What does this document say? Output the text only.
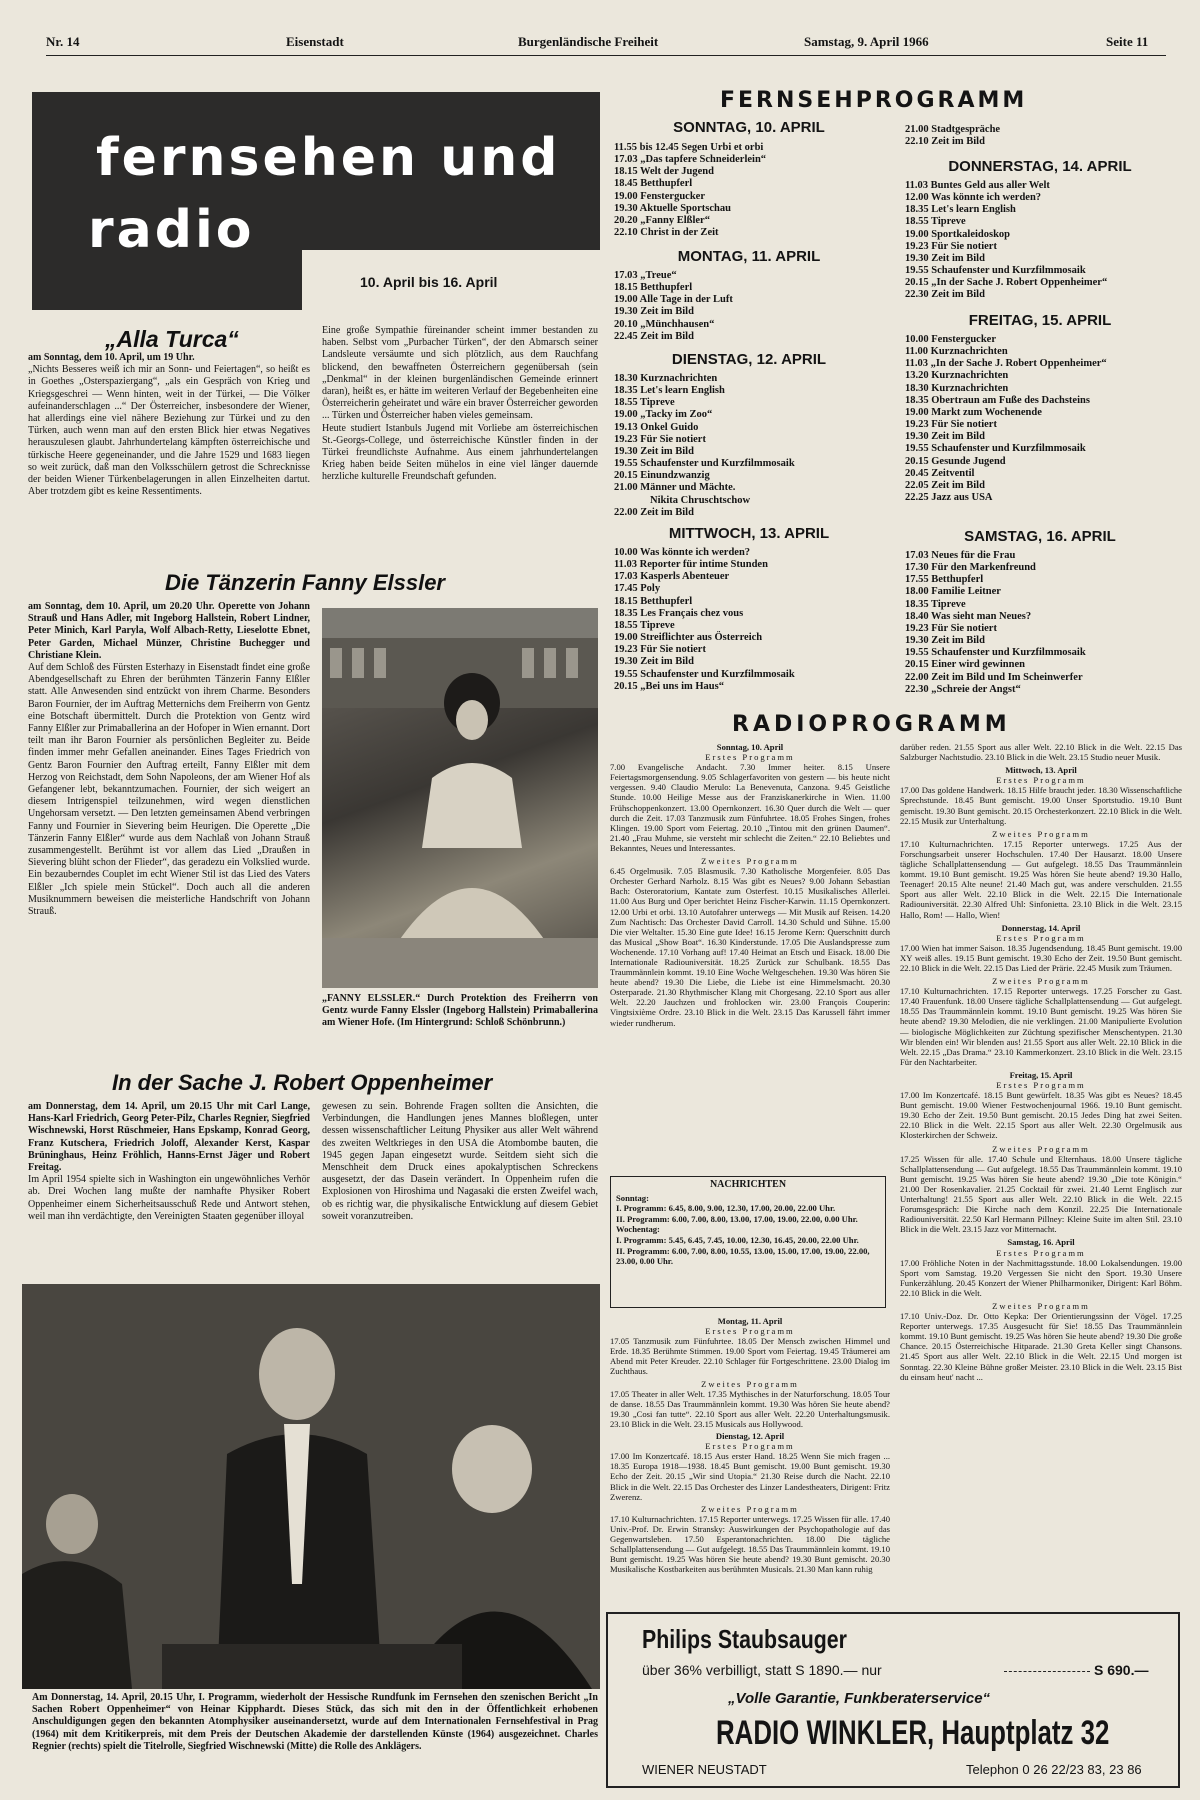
Nr. 14	Eisenstadt	Burgenländische Freiheit	Samstag, 9. April 1966	Seite 11
fernsehen und
radio
10. April bis 16. April
„Alla Turca“

am Sonntag, dem 10. April, um 19 Uhr.

„Nichts Besseres weiß ich mir an Sonn- und Feiertagen“, so heißt es in Goethes „Osterspaziergang“, „als ein Gespräch von Krieg und Kriegsgeschrei — Wenn hinten, weit in der Türkei, — Die Völker aufeinanderschlagen ...“ Der Österreicher, insbesondere der Wiener, hat allerdings eine viel nähere Beziehung zur Türkei und zu den Türken, auch wenn man auf den ersten Blick hier etwas Negatives herauszulesen glaubt. Jahrhundertelang kämpften österreichische und türkische Heere gegeneinander, und die Jahre 1529 und 1683 liegen so weit zurück, daß man den Volksschülern getrost die Schrecknisse der beiden Wiener Türkenbelagerungen in allen Einzelheiten dartut. Aber trotzdem gibt es keine Ressentiments.

Eine große Sympathie füreinander scheint immer bestanden zu haben. Selbst vom „Purbacher Türken“, der den Abmarsch seiner Landsleute versäumte und sich plötzlich, aus dem Rauchfang blickend, den bewaffneten Österreichern gegenübersah (sein „Denkmal“ in der kleinen burgenländischen Gemeinde erinnert daran), heißt es, er hätte im weiteren Verlauf der Begebenheiten eine Österreicherin geheiratet und wäre ein braver Österreicher geworden ... Türken und Österreicher haben vieles gemeinsam.

Heute studiert Istanbuls Jugend mit Vorliebe am österreichischen St.-Georgs-College, und österreichische Künstler finden in der Türkei freundlichste Aufnahme. Aus einem jahrhundertelangen Krieg haben beide Seiten mühelos in eine viel länger dauernde herzliche kulturelle Freundschaft gefunden.

Die Tänzerin Fanny Elssler

am Sonntag, dem 10. April, um 20.20 Uhr. Operette von Johann Strauß und Hans Adler, mit Ingeborg Hallstein, Robert Lindner, Peter Minich, Karl Paryla, Wolf Albach-Retty, Lieselotte Ebnet, Peter Garden, Michael Münzer, Christine Buchegger und Christiane Klein.

Auf dem Schloß des Fürsten Esterhazy in Eisenstadt findet eine große Abendgesellschaft zu Ehren der berühmten Tänzerin Fanny Elßler statt. Alle Anwesenden sind entzückt von ihrem Charme. Besonders Baron Fournier, der im Auftrag Metternichs dem Freiherrn von Gentz eine Botschaft übermittelt. Durch die Protektion von Gentz wird Fanny Elßler zur Primaballerina an der Hofoper in Wien ernannt. Dort teilt man ihr Baron Fournier als persönlichen Begleiter zu. Beide finden immer mehr Gefallen aneinander. Eines Tages Friedrich von Gentz Baron Fournier den Auftrag erteilt, Fanny Elßler mit dem Herzog von Reichstadt, dem Sohn Napoleons, der am Wiener Hof als Gefangener lebt, bekanntzumachen. Fournier, der sich weigert an diesem Intrigenspiel teilzunehmen, wird wegen dienstlichen Ungehorsam versetzt. — Den letzten gemeinsamen Abend verbringen Fanny und Fournier in Sievering beim Heurigen. Die Operette „Die Tänzerin Fanny Elßler“ wurde aus dem Nachlaß von Johann Strauß zusammengestellt. Berühmt ist vor allem das Lied „Draußen in Sievering blüht schon der Flieder“, das geradezu ein Volkslied wurde. Ein bezauberndes Couplet im echt Wiener Stil ist das Lied des Vaters Elßler „Ich spiele mein Stückel“. Doch auch all die anderen Musiknummern beweisen die meisterliche Handschrift von Johann Strauß.

„FANNY ELSSLER.“ Durch Protektion des Freiherrn von Gentz wurde Fanny Elssler (Ingeborg Hallstein) Primaballerina am Wiener Hofe. (Im Hintergrund: Schloß Schönbrunn.)
In der Sache J. Robert Oppenheimer

am Donnerstag, dem 14. April, um 20.15 Uhr mit Carl Lange, Hans-Karl Friedrich, Georg Peter-Pilz, Charles Regnier, Siegfried Wischnewski, Horst Rüschmeier, Hans Epskamp, Konrad Georg, Franz Kutschera, Friedrich Joloff, Alexander Kerst, Kaspar Brüninghaus, Heinz Fröhlich, Hanns-Ernst Jäger und Robert Freitag.

Im April 1954 spielte sich in Washington ein ungewöhnliches Verhör ab. Drei Wochen lang mußte der namhafte Physiker Robert Oppenheimer einem Sicherheitsausschuß Rede und Antwort stehen, weil man ihn verdächtigte, den Vereinigten Staaten gegenüber illoyal

gewesen zu sein. Bohrende Fragen sollten die Ansichten, die Verbindungen, die Handlungen jenes Mannes bloßlegen, unter dessen wissenschaftlicher Leitung Physiker aus aller Welt während des zweiten Weltkrieges in den USA die Atombombe bauten, die 1945 gegen Japan eingesetzt wurde. Seitdem sieht sich die Menschheit dem Druck eines apokalyptischen Schreckens ausgesetzt, der das Dasein verändert. In Oppenheim rufen die Explosionen von Hiroshima und Nagasaki die ersten Zweifel wach, ob es richtig war, die physikalische Entwicklung auf diesem Gebiet soweit voranzutreiben.

Am Donnerstag, 14. April, 20.15 Uhr, I. Programm, wiederholt der Hessische Rundfunk im Fernsehen den szenischen Bericht „In Sachen Robert Oppenheimer“ von Heinar Kipphardt. Dieses Stück, das sich mit den in der Öffentlichkeit erhobenen Anschuldigungen gegen den bekannten Atomphysiker auseinandersetzt, wurde auf dem Internationalen Fernsehfestival in Prag (1964) mit dem Kritikerpreis, mit dem Preis der Deutschen Akademie der darstellenden Künste (1964) ausgezeichnet. Charles Regnier (rechts) spielt die Titelrolle, Siegfried Wischnewski (Mitte) die Rolle des Anklägers.
FERNSEHPROGRAMM
SONNTAG, 10. APRIL
11.55 bis 12.45 Segen Urbi et orbi
17.03 „Das tapfere Schneiderlein“
18.15 Welt der Jugend
18.45 Betthupferl
19.00 Fenstergucker
19.30 Aktuelle Sportschau
20.20 „Fanny Elßler“
22.10 Christ in der Zeit
MONTAG, 11. APRIL
17.03 „Treue“
18.15 Betthupferl
19.00 Alle Tage in der Luft
19.30 Zeit im Bild
20.10 „Münchhausen“
22.45 Zeit im Bild
DIENSTAG, 12. APRIL
18.30 Kurznachrichten
18.35 Let's learn English
18.55 Tipreve
19.00 „Tacky im Zoo“
19.13 Onkel Guido
19.23 Für Sie notiert
19.30 Zeit im Bild
19.55 Schaufenster und Kurzfilmmosaik
20.15 Einundzwanzig
21.00 Männer und Mächte.
Nikita Chruschtschow
22.00 Zeit im Bild
MITTWOCH, 13. APRIL
10.00 Was könnte ich werden?
11.03 Reporter für intime Stunden
17.03 Kasperls Abenteuer
17.45 Poly
18.15 Betthupferl
18.35 Les Français chez vous
18.55 Tipreve
19.00 Streiflichter aus Österreich
19.23 Für Sie notiert
19.30 Zeit im Bild
19.55 Schaufenster und Kurzfilmmosaik
20.15 „Bei uns im Haus“
21.00 Stadtgespräche
22.10 Zeit im Bild
DONNERSTAG, 14. APRIL
11.03 Buntes Geld aus aller Welt
12.00 Was könnte ich werden?
18.35 Let's learn English
18.55 Tipreve
19.00 Sportkaleidoskop
19.23 Für Sie notiert
19.30 Zeit im Bild
19.55 Schaufenster und Kurzfilmmosaik
20.15 „In der Sache J. Robert Oppenheimer“
22.30 Zeit im Bild
FREITAG, 15. APRIL
10.00 Fenstergucker
11.00 Kurznachrichten
11.03 „In der Sache J. Robert Oppenheimer“
13.20 Kurznachrichten
18.30 Kurznachrichten
18.35 Obertraun am Fuße des Dachsteins
19.00 Markt zum Wochenende
19.23 Für Sie notiert
19.30 Zeit im Bild
19.55 Schaufenster und Kurzfilmmosaik
20.15 Gesunde Jugend
20.45 Zeitventil
22.05 Zeit im Bild
22.25 Jazz aus USA
SAMSTAG, 16. APRIL
17.03 Neues für die Frau
17.30 Für den Markenfreund
17.55 Betthupferl
18.00 Familie Leitner
18.35 Tipreve
18.40 Was sieht man Neues?
19.23 Für Sie notiert
19.30 Zeit im Bild
19.55 Schaufenster und Kurzfilmmosaik
20.15 Einer wird gewinnen
22.00 Zeit im Bild und Im Scheinwerfer
22.30 „Schreie der Angst“
RADIOPROGRAMM

Sonntag, 10. April

Erstes Programm

7.00 Evangelische Andacht. 7.30 Immer heiter. 8.15 Unsere Feiertagsmorgensendung. 9.05 Schlagerfavoriten von gestern — bis heute nicht vergessen. 9.40 Claudio Merulo: La Benevenuta, Canzona. 9.45 Geistliche Stunde. 10.00 Heilige Messe aus der Franziskanerkirche in Wien. 11.00 Frühschoppenkonzert. 13.00 Opernkonzert. 16.30 Quer durch die Welt — quer durch die Zeit. 17.03 Tanzmusik zum Fünfuhrtee. 18.05 Frohes Singen, frohes Klingen. 19.00 Sport vom Feiertag. 20.10 „Tintou mit den grünen Daumen“. 21.40 „Frau Muhme, sie versteht mir schlecht die Zeiten.“ 22.10 Beliebtes und Bekanntes, Neues und Interessantes.

Zweites Programm

6.45 Orgelmusik. 7.05 Blasmusik. 7.30 Katholische Morgenfeier. 8.05 Das Orchester Gerhard Narholz. 8.15 Was gibt es Neues? 9.00 Johann Sebastian Bach: Osteroratorium, Kantate zum Osterfest. 10.15 Musikalisches Allerlei. 11.00 Aus Burg und Oper berichtet Heinz Fischer-Karwin. 11.15 Opernkonzert. 12.00 Urbi et orbi. 13.10 Autofahrer unterwegs — Mit Musik auf Reisen. 14.20 Zum Nachtisch: Das Orchester David Carroll. 14.30 Schuld und Sühne. 15.00 Die vier Weltalter. 15.30 Eine gute Idee! 16.15 Jerome Kern: Querschnitt durch das Musical „Show Boat“. 16.30 Kinderstunde. 17.05 Die Auslandspresse zum Wochenende. 17.10 Vorhang auf! 17.40 Heimat an Etsch und Eisack. 18.00 Die Internationale Radiouniversität. 18.25 Zurück zur Schulbank. 18.55 Das Traummännlein kommt. 19.10 Eine Woche Weltgeschehen. 19.30 Was hören Sie heute abend? 19.30 Die Liebe, die Liebe ist eine Himmelsmacht. 20.30 Osterparade. 21.30 Rhythmischer Klang mit Chorgesang. 22.10 Sport aus aller Welt. 22.20 Jauchzen und frohlocken wir. 23.00 François Couperin: Vingtsixième Ordre. 23.10 Blick in die Welt. 23.15 Das Karussell fährt immer wieder rundherum.

NACHRICHTEN
Sonntag:
I. Programm: 6.45, 8.00, 9.00, 12.30, 17.00, 20.00, 22.00 Uhr.
II. Programm: 6.00, 7.00, 8.00, 13.00, 17.00, 19.00, 22.00, 0.00 Uhr.
Wochentag:
I. Programm: 5.45, 6.45, 7.45, 10.00, 12.30, 16.45, 20.00, 22.00 Uhr.
II. Programm: 6.00, 7.00, 8.00, 10.55, 13.00, 15.00, 17.00, 19.00, 22.00, 23.00, 0.00 Uhr.

Montag, 11. April

Erstes Programm

17.05 Tanzmusik zum Fünfuhrtee. 18.05 Der Mensch zwischen Himmel und Erde. 18.35 Berühmte Stimmen. 19.00 Sport vom Feiertag. 19.45 Träumerei am Abend mit Peter Kreuder. 22.10 Schlager für Fortgeschrittene. 23.00 Dialog im Zuchthaus.

Zweites Programm

17.05 Theater in aller Welt. 17.35 Mythisches in der Naturforschung. 18.05 Tour de danse. 18.55 Das Traummännlein kommt. 19.30 Was hören Sie heute abend? 19.30 „Cosi fan tutte“. 22.10 Sport aus aller Welt. 22.20 Unterhaltungsmusik. 23.10 Blick in die Welt. 23.15 Musicals aus Hollywood.

Dienstag, 12. April

Erstes Programm

17.00 Im Konzertcafé. 18.15 Aus erster Hand. 18.25 Wenn Sie mich fragen ... 18.35 Europa 1918—1938. 18.45 Bunt gemischt. 19.00 Bunt gemischt. 19.30 Echo der Zeit. 20.15 „Wir sind Utopia.“ 21.30 Reise durch die Nacht. 22.10 Blick in die Welt. 22.15 Das Orchester des Linzer Landestheaters, Dirigent: Fritz Zwerenz.

Zweites Programm

17.10 Kulturnachrichten. 17.15 Reporter unterwegs. 17.25 Wissen für alle. 17.40 Univ.-Prof. Dr. Erwin Stransky: Auswirkungen der Psychopathologie auf das Gegenwartsleben. 17.50 Esperantonachrichten. 18.00 Die tägliche Schallplattensendung — Gut aufgelegt. 18.55 Das Traummännlein kommt. 19.10 Bunt gemischt. 19.25 Was hören Sie heute abend? 19.30 Bunt gemischt. 20.30 Musikalische Kostbarkeiten aus berühmten Musicals. 21.30 Man kann ruhig

darüber reden. 21.55 Sport aus aller Welt. 22.10 Blick in die Welt. 22.15 Das Salzburger Nachtstudio. 23.10 Blick in die Welt. 23.15 Studio neuer Musik.

Mittwoch, 13. April

Erstes Programm

17.00 Das goldene Handwerk. 18.15 Hilfe braucht jeder. 18.30 Wissenschaftliche Sprechstunde. 18.45 Bunt gemischt. 19.00 Unser Sportstudio. 19.10 Bunt gemischt. 19.30 Bunt gemischt. 20.15 Orchesterkonzert. 22.10 Blick in die Welt. 22.15 Musik zur Unterhaltung.

Zweites Programm

17.10 Kulturnachrichten. 17.15 Reporter unterwegs. 17.25 Aus der Forschungsarbeit unserer Hochschulen. 17.40 Der Hausarzt. 18.00 Unsere tägliche Schallplattensendung — Gut aufgelegt. 18.55 Das Traummännlein kommt. 19.10 Bunt gemischt. 19.25 Was hören Sie heute abend? 19.30 Hallo, Teenager! 20.15 Alte neune! 21.40 Mach gut, was andere verschulden. 21.55 Sport aus aller Welt. 22.10 Blick in die Welt. 22.15 Die Internationale Radiouniversität. 22.30 Alfred Uhl: Sinfonietta. 23.10 Blick in die Welt. 23.15 Hallo, Rom! — Hallo, Wien!

Donnerstag, 14. April

Erstes Programm

17.00 Wien hat immer Saison. 18.35 Jugendsendung. 18.45 Bunt gemischt. 19.00 XY weiß alles. 19.15 Bunt gemischt. 19.30 Echo der Zeit. 19.50 Bunt gemischt. 22.10 Blick in die Welt. 22.15 Das Lied der Prärie. 22.45 Musik zum Träumen.

Zweites Programm

17.10 Kulturnachrichten. 17.15 Reporter unterwegs. 17.25 Forscher zu Gast. 17.40 Frauenfunk. 18.00 Unsere tägliche Schallplattensendung — Gut aufgelegt. 18.55 Das Traummännlein kommt. 19.10 Bunt gemischt. 19.25 Was hören Sie heute abend? 19.30 Melodien, die nie verklingen. 21.00 Manipulierte Evolution — biologische Möglichkeiten zur Züchtung spezifischer Menschentypen. 21.30 Wir blenden ein! Wir blenden aus! 21.55 Sport aus aller Welt. 22.10 Blick in die Welt. 22.15 „Das Drama.“ 23.10 Kammerkonzert. 23.10 Blick in die Welt. 23.15 Für den Nachtarbeiter.

Freitag, 15. April

Erstes Programm

17.00 Im Konzertcafé. 18.15 Bunt gewürfelt. 18.35 Was gibt es Neues? 18.45 Bunt gemischt. 19.00 Wiener Festwochenjournal 1966. 19.10 Bunt gemischt. 19.30 Echo der Zeit. 19.50 Bunt gemischt. 20.15 Jedes Ding hat zwei Seiten. 22.10 Blick in die Welt. 22.15 Sport aus aller Welt. 22.30 Orgelmusik aus Klosterkirchen der Schweiz.

Zweites Programm

17.25 Wissen für alle. 17.40 Schule und Elternhaus. 18.00 Unsere tägliche Schallplattensendung — Gut aufgelegt. 18.55 Das Traummännlein kommt. 19.10 Bunt gemischt. 19.25 Was hören Sie heute abend? 19.30 „Die tote Königin.“ 21.00 Der Rosenkavalier. 21.25 Cocktail für zwei. 21.40 Lernt Englisch zur Unterhaltung! 21.55 Sport aus aller Welt. 22.10 Blick in die Welt. 22.15 Forumsgespräch: Die Kirche nach dem Konzil. 22.25 Die Internationale Radiouniversität. 22.50 Karl Hermann Pillney: Kleine Suite im alten Stil. 23.10 Blick in die Welt. 23.15 Jazz vor Mitternacht.

Samstag, 16. April

Erstes Programm

17.00 Fröhliche Noten in der Nachmittagsstunde. 18.00 Lokalsendungen. 19.00 Sport vom Samstag. 19.20 Vergessen Sie nicht den Sport. 19.30 Unsere Funkerzählung. 20.45 Konzert der Wiener Philharmoniker, Dirigent: Karl Böhm. 22.10 Blick in die Welt.

Zweites Programm

17.10 Univ.-Doz. Dr. Otto Kepka: Der Orientierungssinn der Vögel. 17.25 Reporter unterwegs. 17.35 Ausgesucht für Sie! 18.55 Das Traummännlein kommt. 19.10 Bunt gemischt. 19.25 Was hören Sie heute abend? 19.30 Die große Chance. 20.15 Österreichische Hitparade. 21.30 Greta Keller singt Chansons. 21.45 Sport aus aller Welt. 22.10 Blick in die Welt. 22.15 Und morgen ist Sonntag. 22.30 Kleine Bühne großer Meister. 23.10 Blick in die Welt. 23.15 Bist du einsam heut' nacht ...

Philips Staubsauger
über 36% verbilligt, statt S 1890.— nur	S 690.—
„Volle Garantie, Funkberaterservice“
RADIO WINKLER, Hauptplatz 32
WIENER NEUSTADT	Telephon 0 26 22/23 83, 23 86
